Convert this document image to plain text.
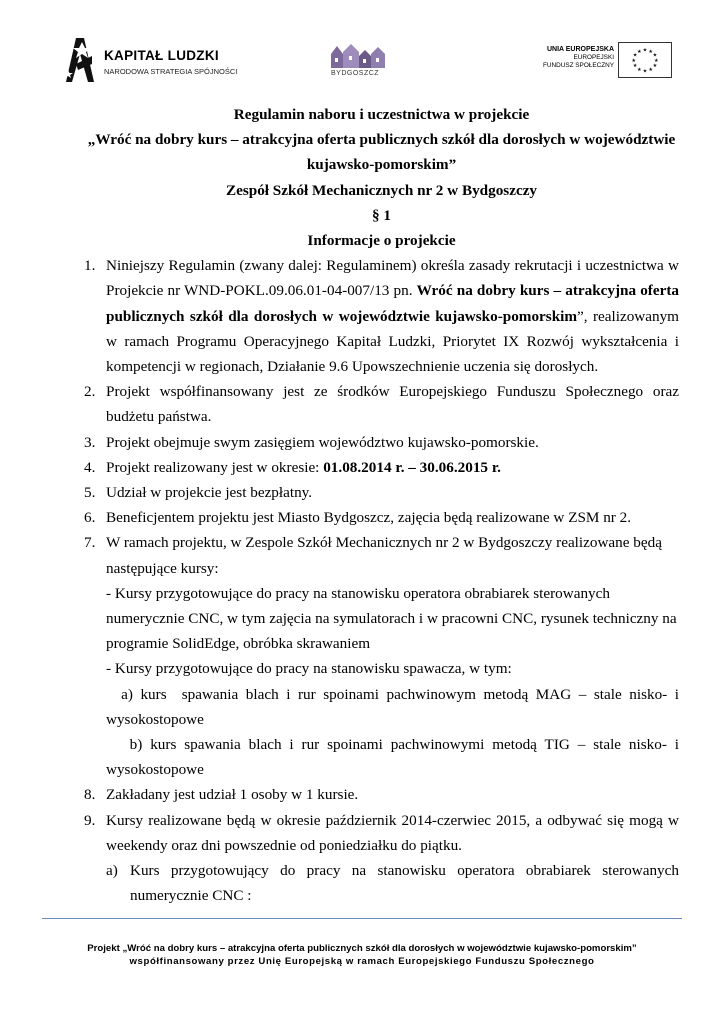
KAPITAŁ LUDZKI
NARODOWA STRATEGIA SPÓJNOŚCI	BYDGOSZCZ
UNIA EUROPEJSKA
EUROPEJSKI
FUNDUSZ SPOŁECZNY
★ ★
★
★
★
★
★
★
★
★
★
★
Regulamin naboru i uczestnictwa w projekcie
„Wróć na dobry kurs – atrakcyjna oferta publicznych szkół dla dorosłych w województwie
kujawsko-pomorskim”
Zespół Szkół Mechanicznych nr 2 w Bydgoszczy
§ 1
Informacje o projekcie
1. Niniejszy Regulamin (zwany dalej: Regulaminem) określa zasady rekrutacji i uczestnictwa w Projekcie nr WND-POKL.09.06.01-04-007/13 pn. Wróć na dobry kurs – atrakcyjna oferta publicznych szkół dla dorosłych w województwie kujawsko-pomorskim”, realizowanym w ramach Programu Operacyjnego Kapitał Ludzki, Priorytet IX Rozwój wykształcenia i kompetencji w regionach, Działanie 9.6 Upowszechnienie uczenia się dorosłych.
2. Projekt współfinansowany jest ze środków Europejskiego Funduszu Społecznego oraz budżetu państwa.
3. Projekt obejmuje swym zasięgiem województwo kujawsko-pomorskie.
4. Projekt realizowany jest w okresie: 01.08.2014 r. – 30.06.2015 r.
5. Udział w projekcie jest bezpłatny.
6. Beneficjentem projektu jest Miasto Bydgoszcz, zajęcia będą realizowane w ZSM nr 2.
7. W ramach projektu, w Zespole Szkół Mechanicznych nr 2 w Bydgoszczy realizowane będą następujące kursy:
- Kursy przygotowujące do pracy na stanowisku operatora obrabiarek sterowanych numerycznie CNC, w tym zajęcia na symulatorach i w pracowni CNC, rysunek techniczny na programie SolidEdge, obróbka skrawaniem
- Kursy przygotowujące do pracy na stanowisku spawacza, w tym:
a) kurs  spawania blach i rur spoinami pachwinowym metodą MAG – stale nisko- i wysokostopowe
b) kurs spawania blach i rur spoinami pachwinowymi metodą TIG – stale nisko- i wysokostopowe
8. Zakładany jest udział 1 osoby w 1 kursie.
9. Kursy realizowane będą w okresie październik 2014-czerwiec 2015, a odbywać się mogą w weekendy oraz dni powszednie od poniedziałku do piątku.
a) Kurs przygotowujący do pracy na stanowisku operatora obrabiarek sterowanych numerycznie CNC :
Projekt „Wróć na dobry kurs – atrakcyjna oferta publicznych szkół dla dorosłych w województwie kujawsko-pomorskim”
współfinansowany przez Unię Europejską w ramach Europejskiego Funduszu Społecznego
